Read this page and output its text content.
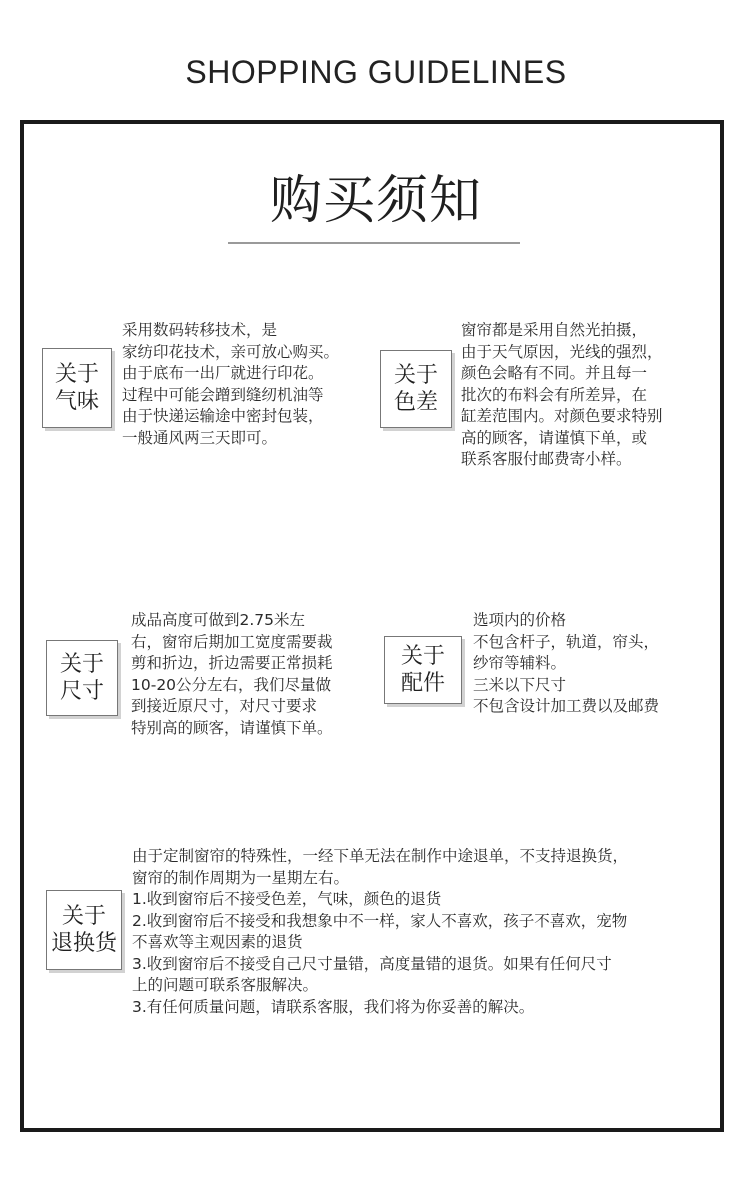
SHOPPING GUIDELINES
购买须知
关于
气味

采用数码转移技术，是

家纺印花技术，亲可放心购买。

由于底布一出厂就进行印花。

过程中可能会蹭到缝纫机油等

由于快递运输途中密封包装，

一般通风两三天即可。

关于
色差

窗帘都是采用自然光拍摄，

由于天气原因，光线的强烈，

颜色会略有不同。并且每一

批次的布料会有所差异，在

缸差范围内。对颜色要求特别

高的顾客，请谨慎下单，或

联系客服付邮费寄小样。

关于
尺寸

成品高度可做到2.75米左

右，窗帘后期加工宽度需要裁

剪和折边，折边需要正常损耗

10-20公分左右，我们尽量做

到接近原尺寸，对尺寸要求

特别高的顾客，请谨慎下单。

关于
配件

选项内的价格

不包含杆子，轨道，帘头，

纱帘等辅料。

三米以下尺寸

不包含设计加工费以及邮费

关于
退换货

由于定制窗帘的特殊性，一经下单无法在制作中途退单，不支持退换货，

窗帘的制作周期为一星期左右。

1.收到窗帘后不接受色差，气味，颜色的退货

2.收到窗帘后不接受和我想象中不一样，家人不喜欢，孩子不喜欢，宠物

不喜欢等主观因素的退货

3.收到窗帘后不接受自己尺寸量错，高度量错的退货。如果有任何尺寸

上的问题可联系客服解决。

3.有任何质量问题，请联系客服，我们将为你妥善的解决。
